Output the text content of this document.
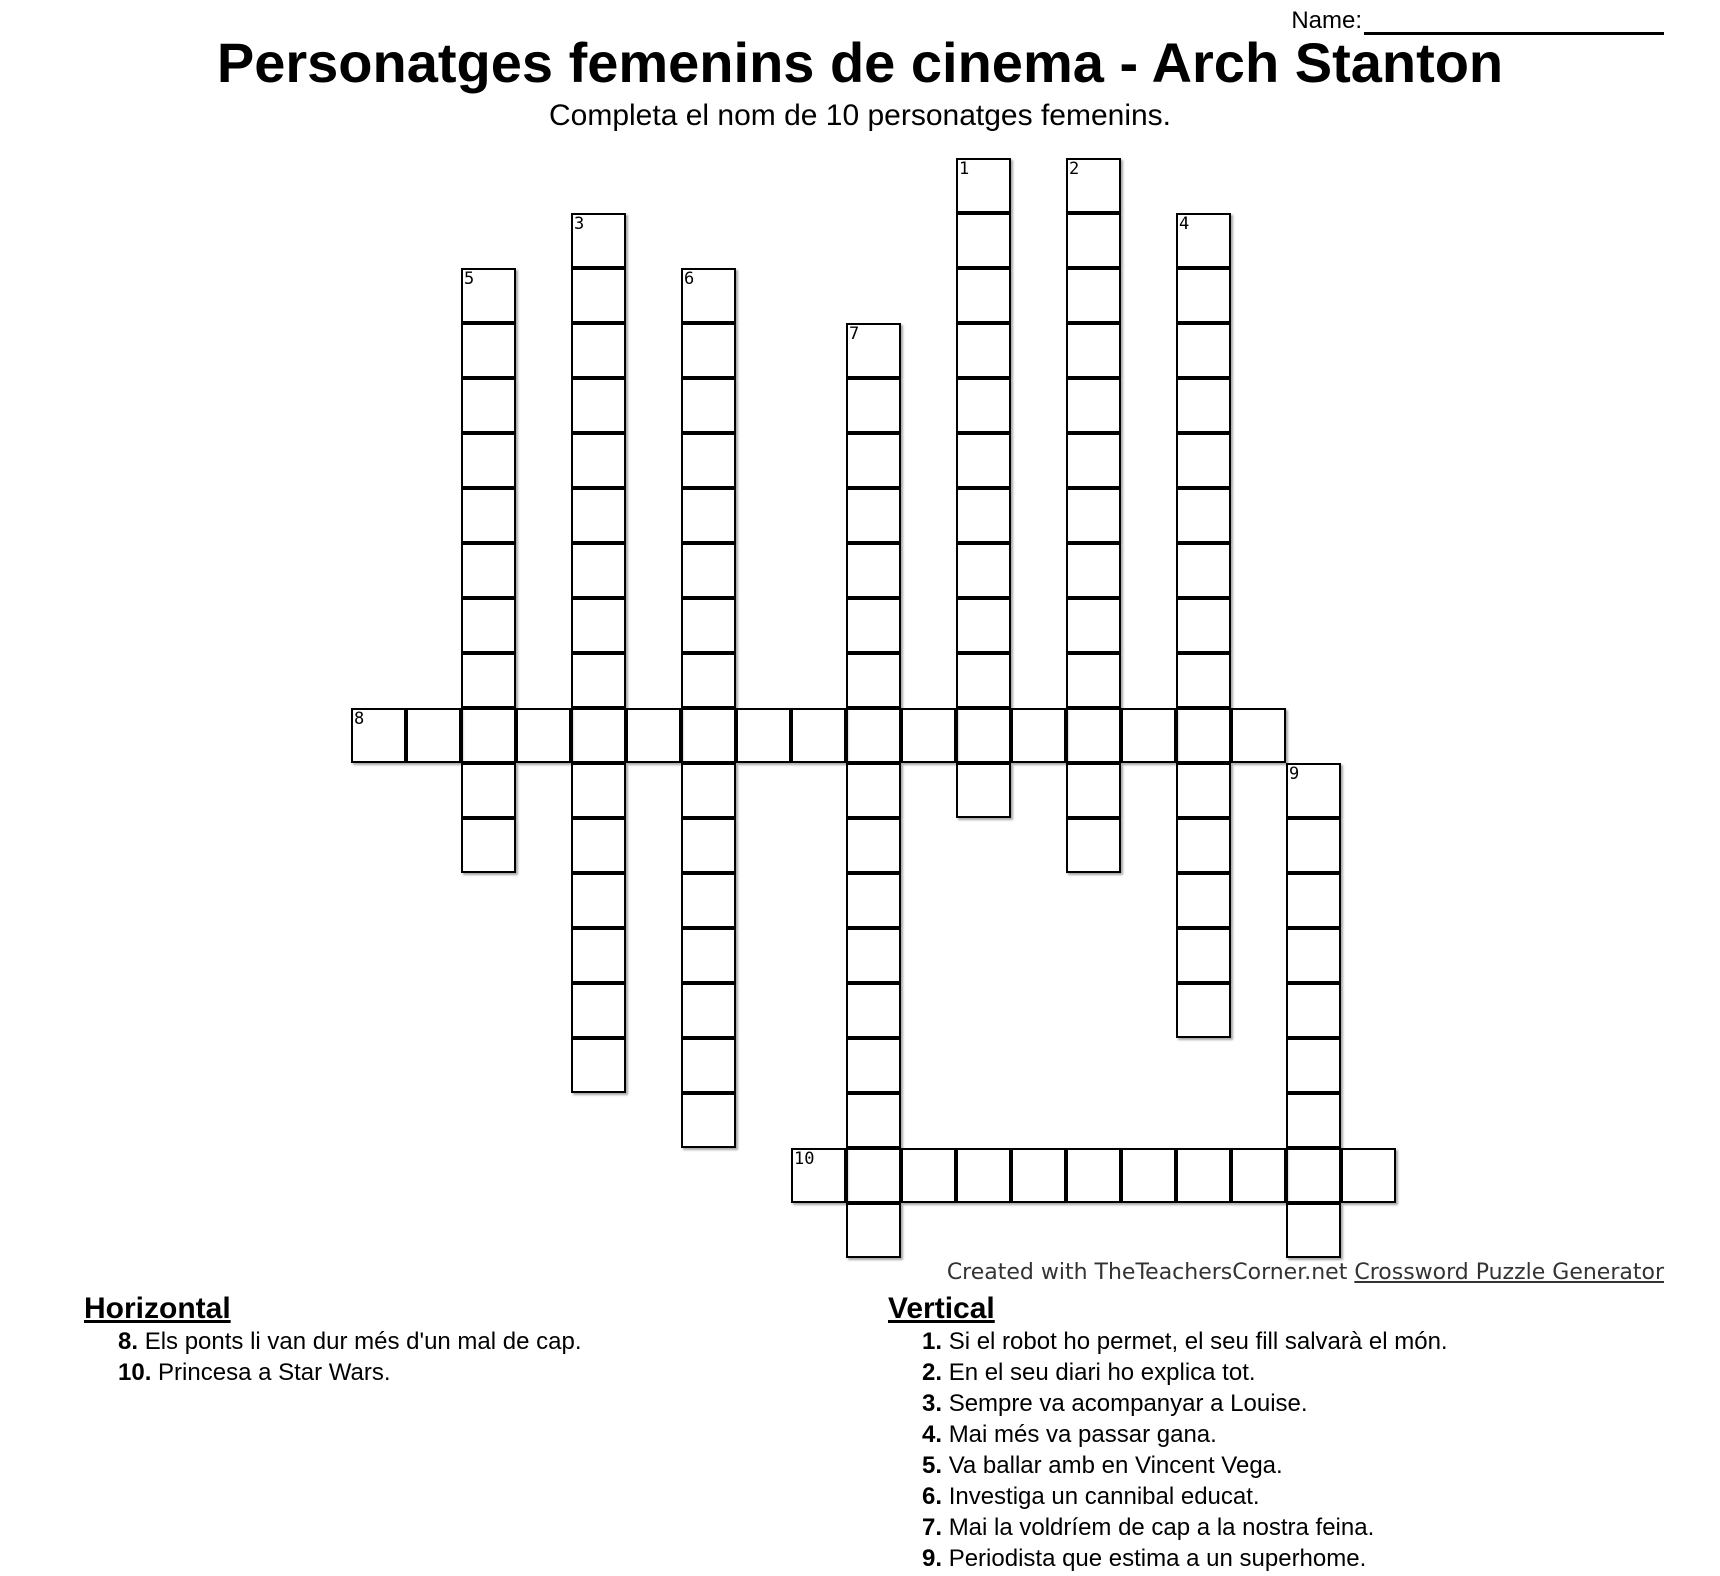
Name:
Personatges femenins de cinema - Arch Stanton
Completa el nom de 10 personatges femenins.
1	2
3	4
5	6
7
8
9
10
Created with TheTeachersCorner.net Crossword Puzzle Generator
Horizontal
8. Els ponts li van dur més d'un mal de cap.
10. Princesa a Star Wars.
Vertical
1. Si el robot ho permet, el seu fill salvarà el món.
2. En el seu diari ho explica tot.
3. Sempre va acompanyar a Louise.
4. Mai més va passar gana.
5. Va ballar amb en Vincent Vega.
6. Investiga un cannibal educat.
7. Mai la voldríem de cap a la nostra feina.
9. Periodista que estima a un superhome.
